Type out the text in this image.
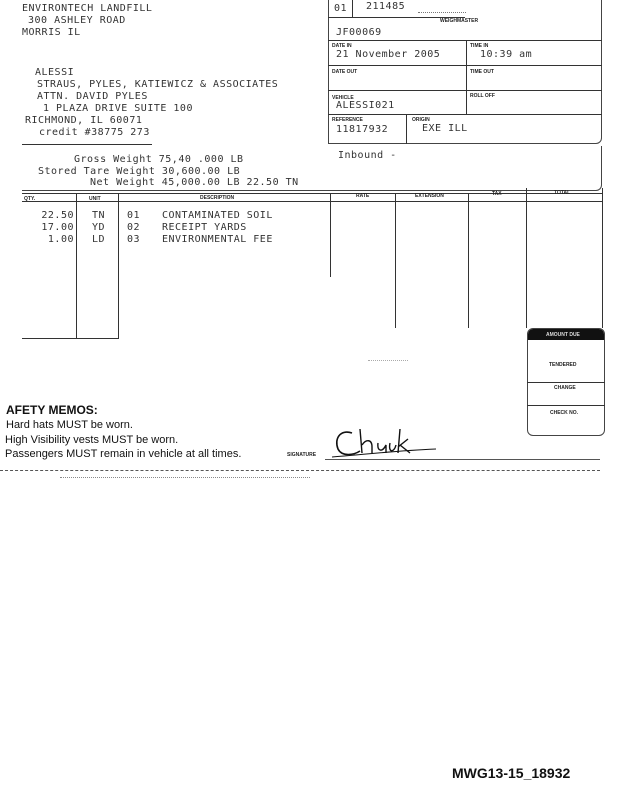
ENVIRONTECH LANDFILL
300 ASHLEY ROAD
MORRIS IL
ALESSI
STRAUS, PYLES, KATIEWICZ & ASSOCIATES
ATTN. DAVID PYLES
1 PLAZA DRIVE SUITE 100
RICHMOND, IL 60071
credit #38775 273
01 211485
WEIGHMASTER
JF00069
DATE IN
21 November 2005
TIME IN
10:39 am
DATE OUT	TIME OUT
VEHICLE
ALESSI021
ROLL OFF
REFERENCE
11817932
ORIGIN
EXE ILL
Gross Weight 75,40 .000 LB
Stored Tare Weight 30,600.00 LB
Net Weight 45,000.00 LB 22.50 TN
Inbound -
QTY.	UNIT	DESCRIPTION	RATE	EXTENSION	TAX	TOTAL
22.50 TN 01 CONTAMINATED SOIL
17.00 YD 02 RECEIPT YARDS
1.00 LD 03 ENVIRONMENTAL FEE
AMOUNT DUE
TENDERED
CHANGE
CHECK NO.
AFETY MEMOS:
Hard hats MUST be worn.
High Visibility vests MUST be worn.
Passengers MUST remain in vehicle at all times.	SIGNATURE
MWG13-15_18932
